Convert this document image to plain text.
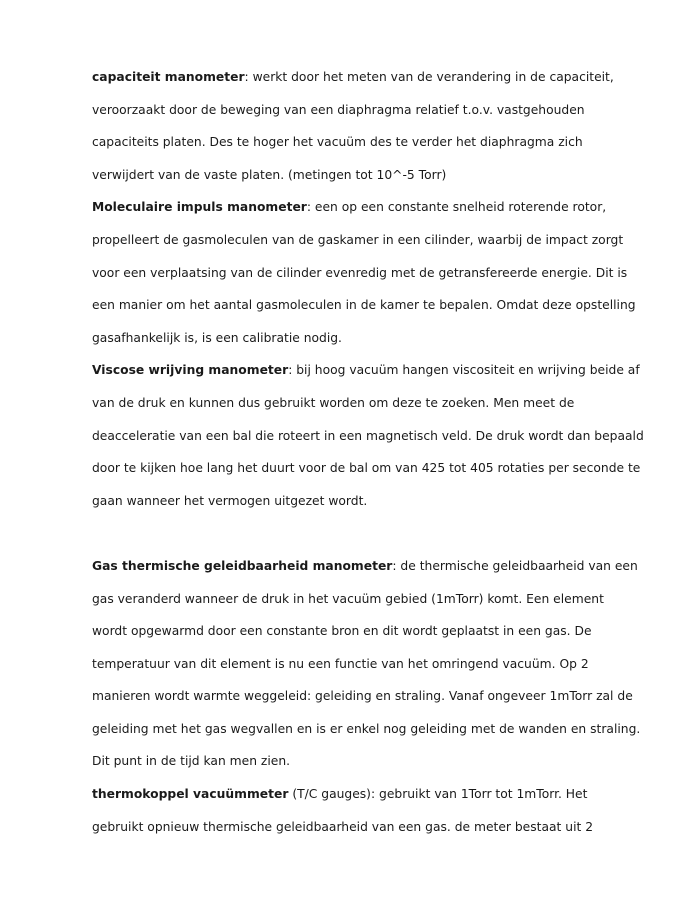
capaciteit manometer: werkt door het meten van de verandering in de capaciteit,
veroorzaakt door de beweging van een diaphragma relatief t.o.v. vastgehouden
capaciteits platen. Des te hoger het vacuüm des te verder het diaphragma zich
verwijdert van de vaste platen. (metingen tot 10^-5 Torr)
Moleculaire impuls manometer: een op een constante snelheid roterende rotor,
propelleert de gasmoleculen van de gaskamer in een cilinder, waarbij de impact zorgt
voor een verplaatsing van de cilinder evenredig met de getransfereerde energie. Dit is
een manier om het aantal gasmoleculen in de kamer te bepalen. Omdat deze opstelling
gasafhankelijk is, is een calibratie nodig.
Viscose wrijving manometer: bij hoog vacuüm hangen viscositeit en wrijving beide af
van de druk en kunnen dus gebruikt worden om deze te zoeken. Men meet de
deacceleratie van een bal die roteert in een magnetisch veld. De druk wordt dan bepaald
door te kijken hoe lang het duurt voor de bal om van 425 tot 405 rotaties per seconde te
gaan wanneer het vermogen uitgezet wordt.
Gas thermische geleidbaarheid manometer: de thermische geleidbaarheid van een
gas veranderd wanneer de druk in het vacuüm gebied (1mTorr) komt. Een element
wordt opgewarmd door een constante bron en dit wordt geplaatst in een gas. De
temperatuur van dit element is nu een functie van het omringend vacuüm. Op 2
manieren wordt warmte weggeleid: geleiding en straling. Vanaf ongeveer 1mTorr zal de
geleiding met het gas wegvallen en is er enkel nog geleiding met de wanden en straling.
Dit punt in de tijd kan men zien.
thermokoppel vacuümmeter (T/C gauges): gebruikt van 1Torr tot 1mTorr. Het
gebruikt opnieuw thermische geleidbaarheid van een gas. de meter bestaat uit 2
